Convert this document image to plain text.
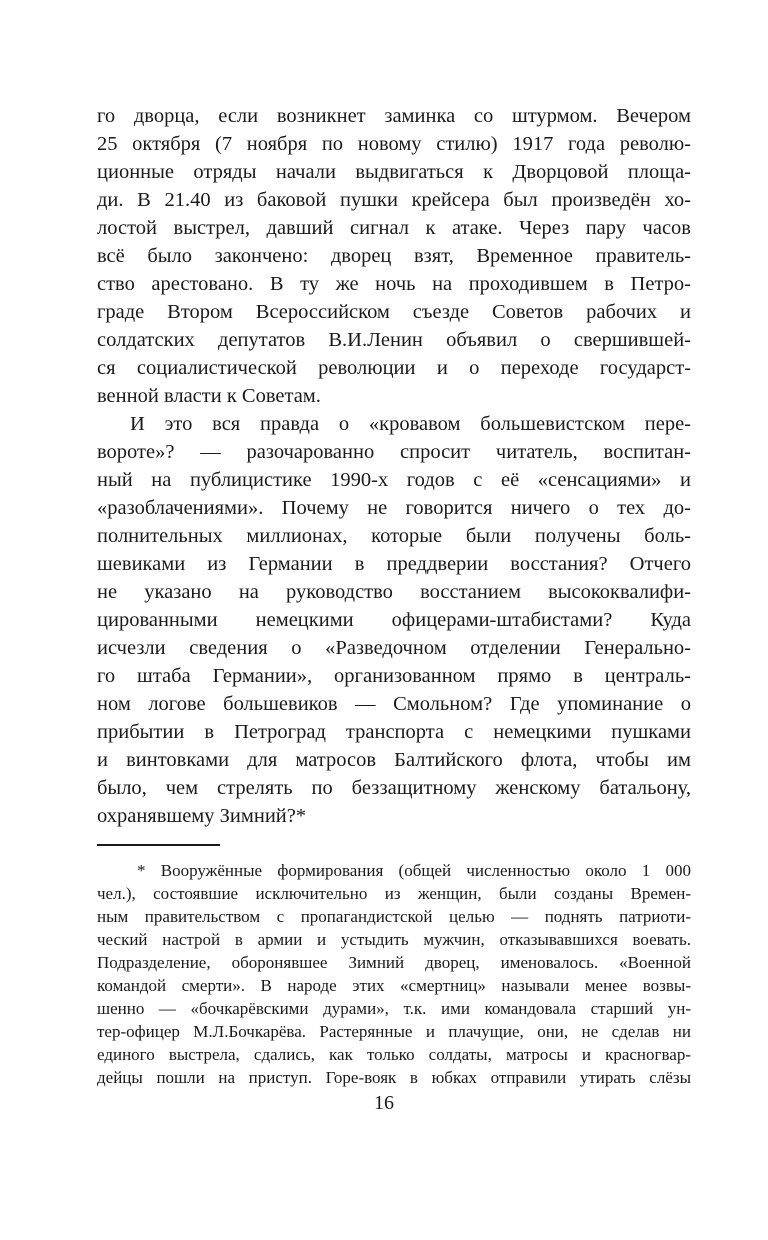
го дворца, если возникнет заминка со штурмом. Вечером
25 октября (7 ноября по новому стилю) 1917 года револю-
ционные отряды начали выдвигаться к Дворцовой площа-
ди. В 21.40 из баковой пушки крейсера был произведён хо-
лостой выстрел, давший сигнал к атаке. Через пару часов
всё было закончено: дворец взят, Временное правитель-
ство арестовано. В ту же ночь на проходившем в Петро-
граде Втором Всероссийском съезде Советов рабочих и
солдатских депутатов В.И.Ленин объявил о свершившей-
ся социалистической революции и о переходе государст-
венной власти к Советам.
И это вся правда о «кровавом большевистском пере-
вороте»? — разочарованно спросит читатель, воспитан-
ный на публицистике 1990-х годов с её «сенсациями» и
«разоблачениями». Почему не говорится ничего о тех до-
полнительных миллионах, которые были получены боль-
шевиками из Германии в преддверии восстания? Отчего
не указано на руководство восстанием высококвалифи-
цированными немецкими офицерами-штабистами? Куда
исчезли сведения о «Разведочном отделении Генерально-
го штаба Германии», организованном прямо в централь-
ном логове большевиков — Смольном? Где упоминание о
прибытии в Петроград транспорта с немецкими пушками
и винтовками для матросов Балтийского флота, чтобы им
было, чем стрелять по беззащитному женскому батальону,
охранявшему Зимний?*
* Вооружённые формирования (общей численностью около 1 000
чел.), состоявшие исключительно из женщин, были созданы Времен-
ным правительством с пропагандистской целью — поднять патриоти-
ческий настрой в армии и устыдить мужчин, отказывавшихся воевать.
Подразделение, оборонявшее Зимний дворец, именовалось. «Военной
командой смерти». В народе этих «смертниц» называли менее возвы-
шенно — «бочкарёвскими дурами», т.к. ими командовала старший ун-
тер-офицер М.Л.Бочкарёва. Растерянные и плачущие, они, не сделав ни
единого выстрела, сдались, как только солдаты, матросы и красногвар-
дейцы пошли на приступ. Горе-вояк в юбках отправили утирать слёзы
16
